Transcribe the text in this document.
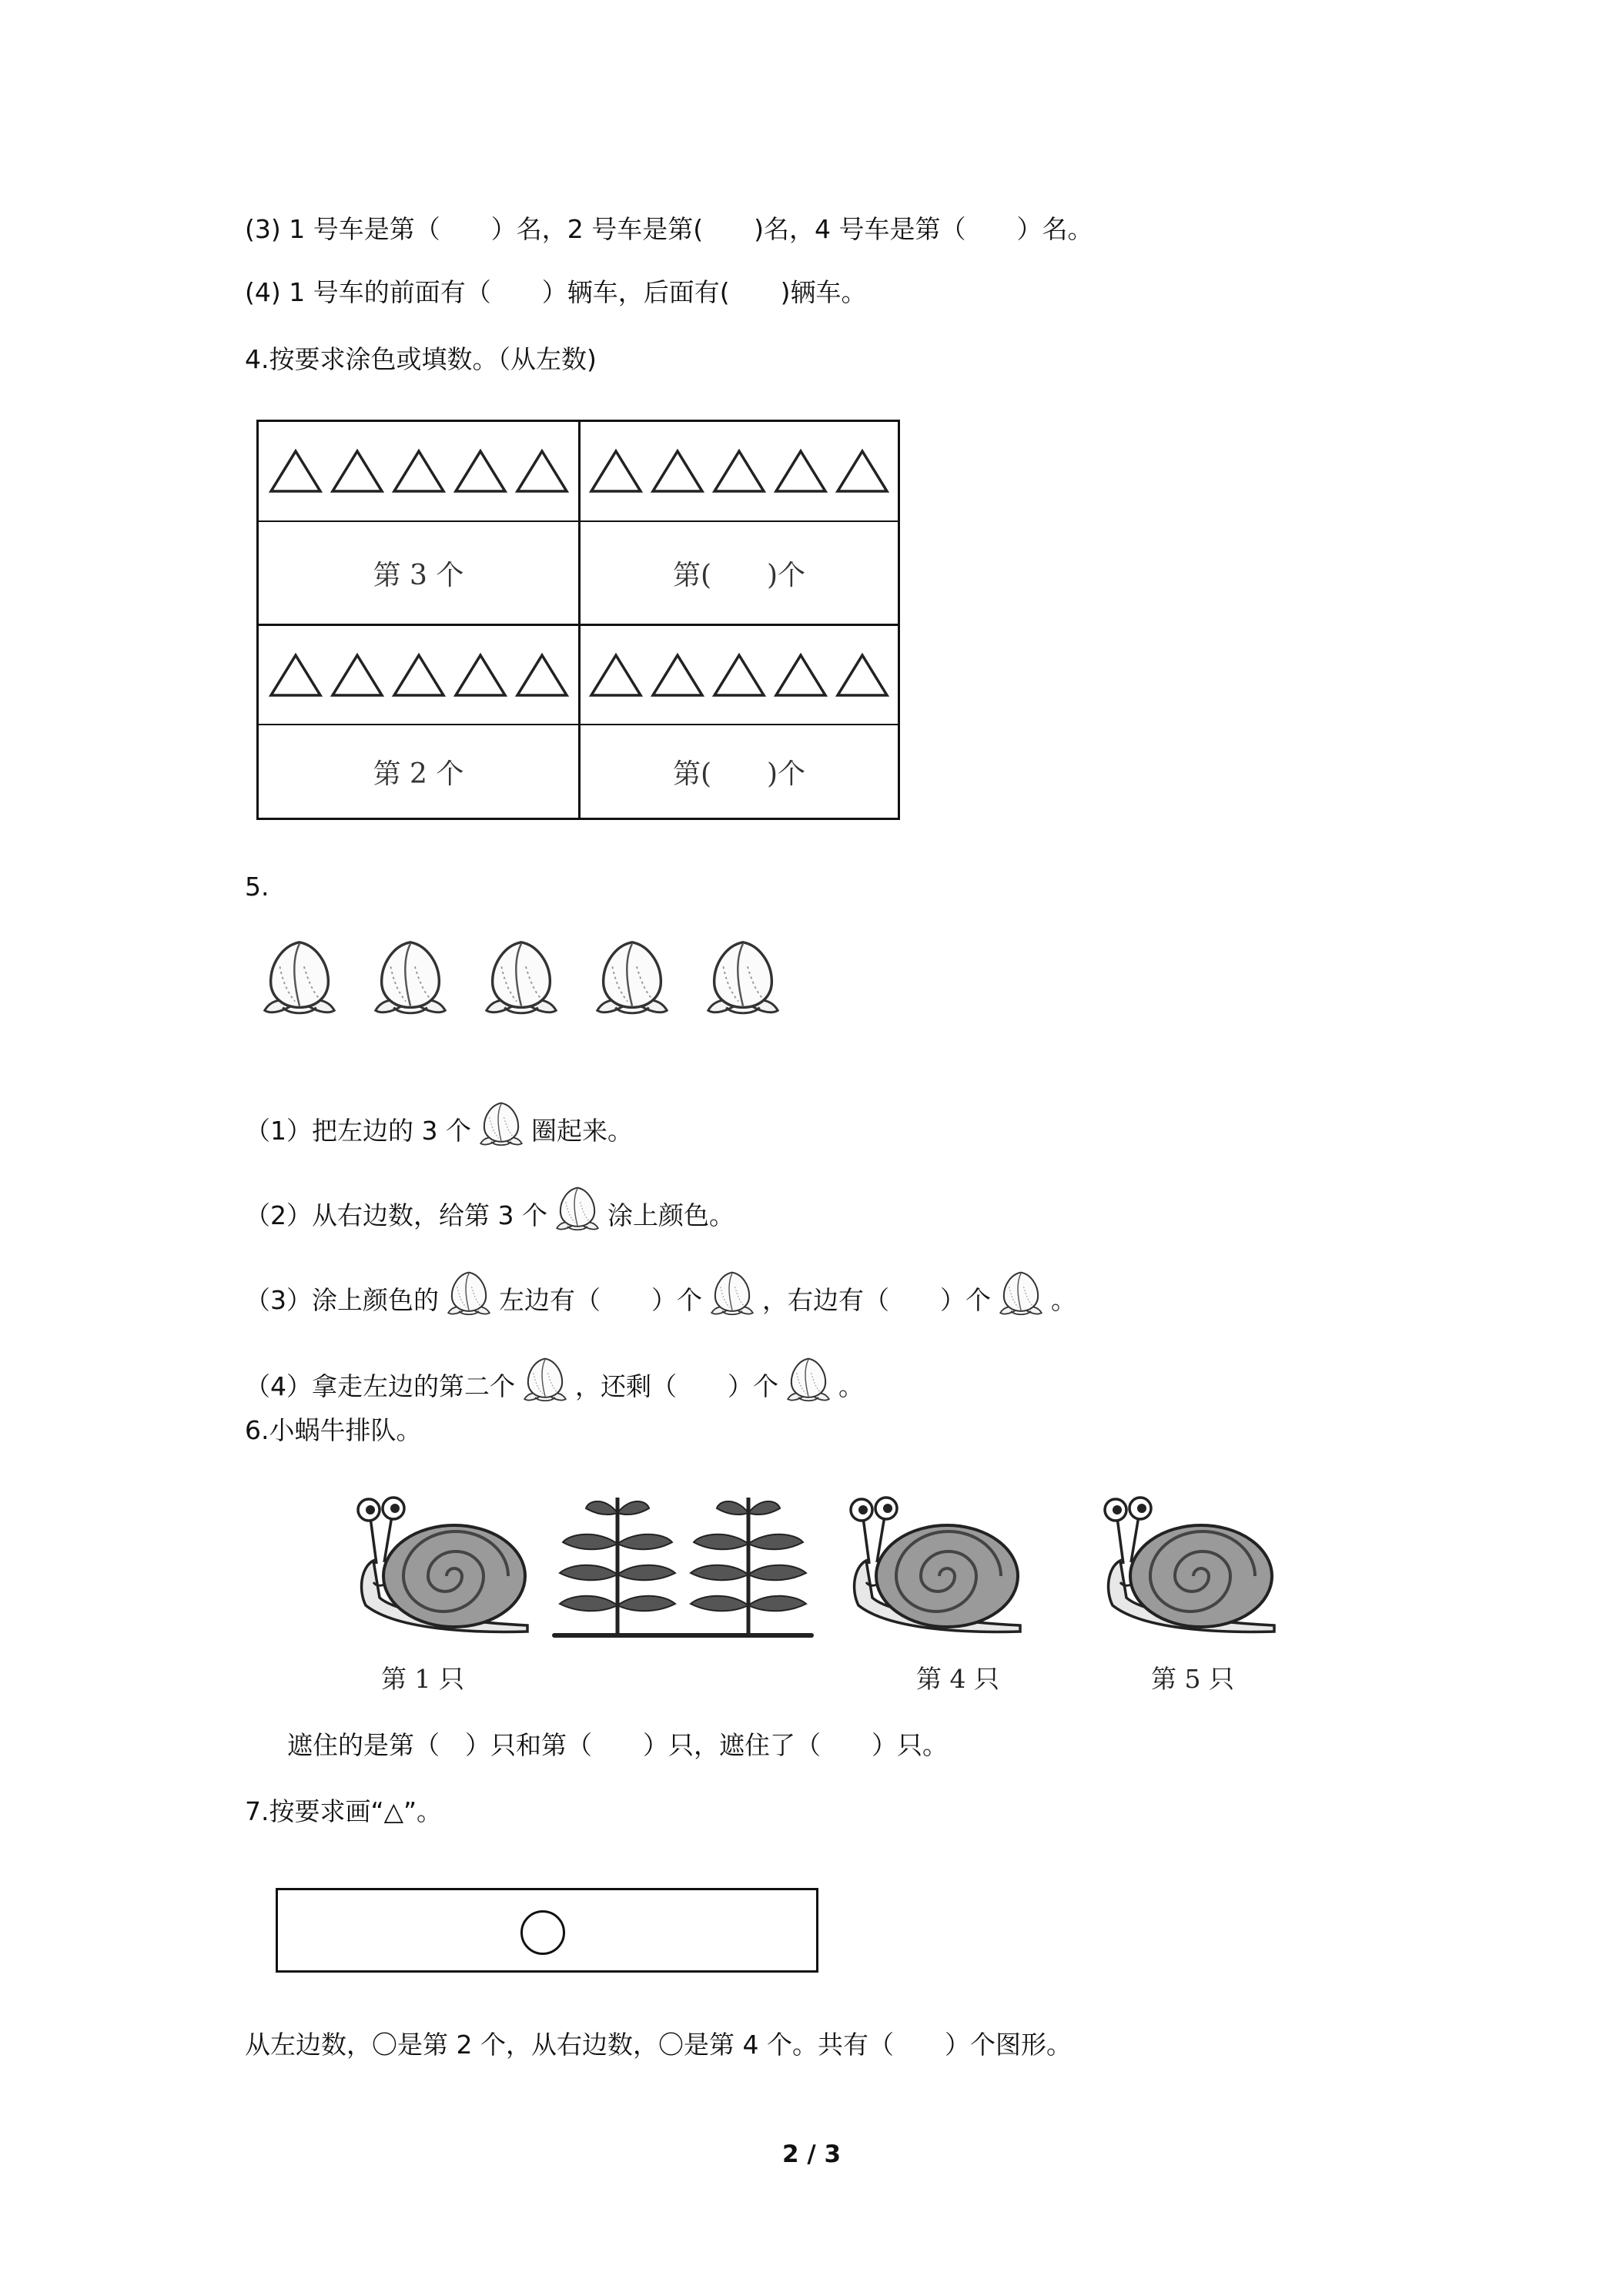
(3) 1 号车是第（　　）名，2 号车是第(　　)名，4 号车是第（　　）名。
(4) 1 号车的前面有（　　）辆车，后面有(　　)辆车。
4.按要求涂色或填数。（从左数)
第 3 个	第(　　)个
第 2 个	第(　　)个
5.
（1）把左边的 3 个 圈起来。
（2）从右边数，给第 3 个 涂上颜色。
（3）涂上颜色的 左边有（　　）个 ，右边有（　　）个 。
（4）拿走左边的第二个 ，还剩（　　）个 。
6.小蜗牛排队。
第 1 只	第 4 只	第 5 只
遮住的是第（　）只和第（　　）只，遮住了（　　）只。
7.按要求画“△”。
从左边数，〇是第 2 个，从右边数，〇是第 4 个。共有（　　）个图形。
2 / 3
